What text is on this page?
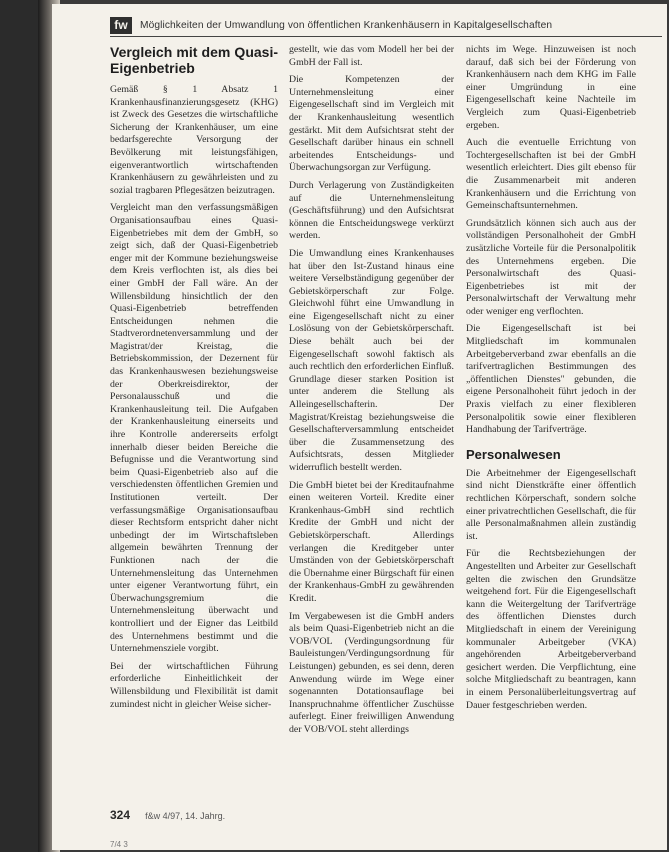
fw	Möglichkeiten der Umwandlung von öffentlichen Krankenhäusern in Kapitalgesellschaften
Vergleich mit dem Quasi-Eigenbetrieb

Gemäß § 1 Absatz 1 Krankenhausfinanzierungsgesetz (KHG) ist Zweck des Gesetzes die wirtschaftliche Sicherung der Krankenhäuser, um eine bedarfsgerechte Versorgung der Bevölkerung mit leistungsfähigen, eigenverantwortlich wirtschaftenden Krankenhäusern zu gewährleisten und zu sozial tragbaren Pflegesätzen beizutragen.

Vergleicht man den verfassungsmäßigen Organisationsaufbau eines Quasi-Eigenbetriebes mit dem der GmbH, so zeigt sich, daß der Quasi-Eigenbetrieb enger mit der Kommune beziehungsweise dem Kreis verflochten ist, als dies bei einer GmbH der Fall wäre. An der Willensbildung hinsichtlich der den Quasi-Eigenbetrieb betreffenden Entscheidungen nehmen die Stadtverordnetenversammlung und der Magistrat/der Kreistag, die Betriebskommission, der Dezernent für das Krankenhauswesen beziehungsweise der Oberkreisdirektor, der Personalausschuß und die Krankenhausleitung teil. Die Aufgaben der Krankenhausleitung einerseits und ihre Kontrolle andererseits erfolgt innerhalb dieser beiden Bereiche die Befugnisse und die Verantwortung sind beim Quasi-Eigenbetrieb also auf die verschiedensten öffentlichen Gremien und Institutionen verteilt. Der verfassungsmäßige Organisationsaufbau dieser Rechtsform entspricht daher nicht unbedingt der im Wirtschaftsleben allgemein bewährten Trennung der Funktionen nach der die Unternehmensleitung das Unternehmen unter eigener Verantwortung führt, ein Überwachungsgremium die Unternehmensleitung überwacht und kontrolliert und der Eigner das Leitbild des Unternehmens bestimmt und die Unternehmensziele vorgibt.

Bei der wirtschaftlichen Führung erforderliche Einheitlichkeit der Willensbildung und Flexibilität ist damit zumindest nicht in gleicher Weise sicher-

gestellt, wie das vom Modell her bei der GmbH der Fall ist.

Die Kompetenzen der Unternehmensleitung einer Eigengesellschaft sind im Vergleich mit der Krankenhausleitung wesentlich gestärkt. Mit dem Aufsichtsrat steht der Gesellschaft darüber hinaus ein schnell arbeitendes Entscheidungs- und Überwachungsorgan zur Verfügung.

Durch Verlagerung von Zuständigkeiten auf die Unternehmensleitung (Geschäftsführung) und den Aufsichtsrat können die Entscheidungswege verkürzt werden.

Die Umwandlung eines Krankenhauses hat über den Ist-Zustand hinaus eine weitere Verselbständigung gegenüber der Gebietskörperschaft zur Folge. Gleichwohl führt eine Umwandlung in eine Eigengesellschaft nicht zu einer Loslösung von der Gebietskörperschaft. Diese behält auch bei der Eigengesellschaft sowohl faktisch als auch rechtlich den erforderlichen Einfluß. Grundlage dieser starken Position ist unter anderem die Stellung als Alleingesellschafterin. Der Magistrat/Kreistag beziehungsweise die Gesellschafterversammlung entscheidet über die Zusammensetzung des Aufsichtsrats, dessen Mitglieder widerruflich bestellt werden.

Die GmbH bietet bei der Kreditaufnahme einen weiteren Vorteil. Kredite einer Krankenhaus-GmbH sind rechtlich Kredite der GmbH und nicht der Gebietskörperschaft. Allerdings verlangen die Kreditgeber unter Umständen von der Gebietskörperschaft die Übernahme einer Bürgschaft für einen der Krankenhaus-GmbH zu gewährenden Kredit.

Im Vergabewesen ist die GmbH anders als beim Quasi-Eigenbetrieb nicht an die VOB/VOL (Verdingungsordnung für Bauleistungen/Verdingungsordnung für Leistungen) gebunden, es sei denn, deren Anwendung würde im Wege einer sogenannten Dotationsauflage bei Inanspruchnahme öffentlicher Zuschüsse auferlegt. Einer freiwilligen Anwendung der VOB/VOL steht allerdings

nichts im Wege. Hinzuweisen ist noch darauf, daß sich bei der Förderung von Krankenhäusern nach dem KHG im Falle einer Umgründung in eine Eigengesellschaft keine Nachteile im Vergleich zum Quasi-Eigenbetrieb ergeben.

Auch die eventuelle Errichtung von Tochtergesellschaften ist bei der GmbH wesentlich erleichtert. Dies gilt ebenso für die Zusammenarbeit mit anderen Krankenhäusern und die Errichtung von Gemeinschaftsunternehmen.

Grundsätzlich können sich auch aus der vollständigen Personalhoheit der GmbH zusätzliche Vorteile für die Personalpolitik des Unternehmens ergeben. Die Personalwirtschaft des Quasi-Eigenbetriebes ist mit der Personalwirtschaft der Verwaltung mehr oder weniger eng verflochten.

Die Eigengesellschaft ist bei Mitgliedschaft im kommunalen Arbeitgeberverband zwar ebenfalls an die tarifvertraglichen Bestimmungen des „öffentlichen Dienstes" gebunden, die eigene Personalhoheit führt jedoch in der Praxis vielfach zu einer flexibleren Personalpolitik sowie einer flexibleren Handhabung der Tarifverträge.

Personalwesen

Die Arbeitnehmer der Eigengesellschaft sind nicht Dienstkräfte einer öffentlich rechtlichen Körperschaft, sondern solche einer privatrechtlichen Gesellschaft, die für alle Personalmaßnahmen allein zuständig ist.

Für die Rechtsbeziehungen der Angestellten und Arbeiter zur Gesellschaft gelten die zwischen den Grundsätze weitgehend fort. Für die Eigengesellschaft kann die Weitergeltung der Tarifverträge des öffentlichen Dienstes durch Mitgliedschaft in einem der Vereinigung kommunaler Arbeitgeber (VKA) angehörenden Arbeitgeberverband gesichert werden. Die Verpflichtung, eine solche Mitgliedschaft zu beantragen, kann in einem Personalüberleitungsvertrag auf Dauer festgeschrieben werden.

324 f&w 4/97, 14. Jahrg.
7/4 3
